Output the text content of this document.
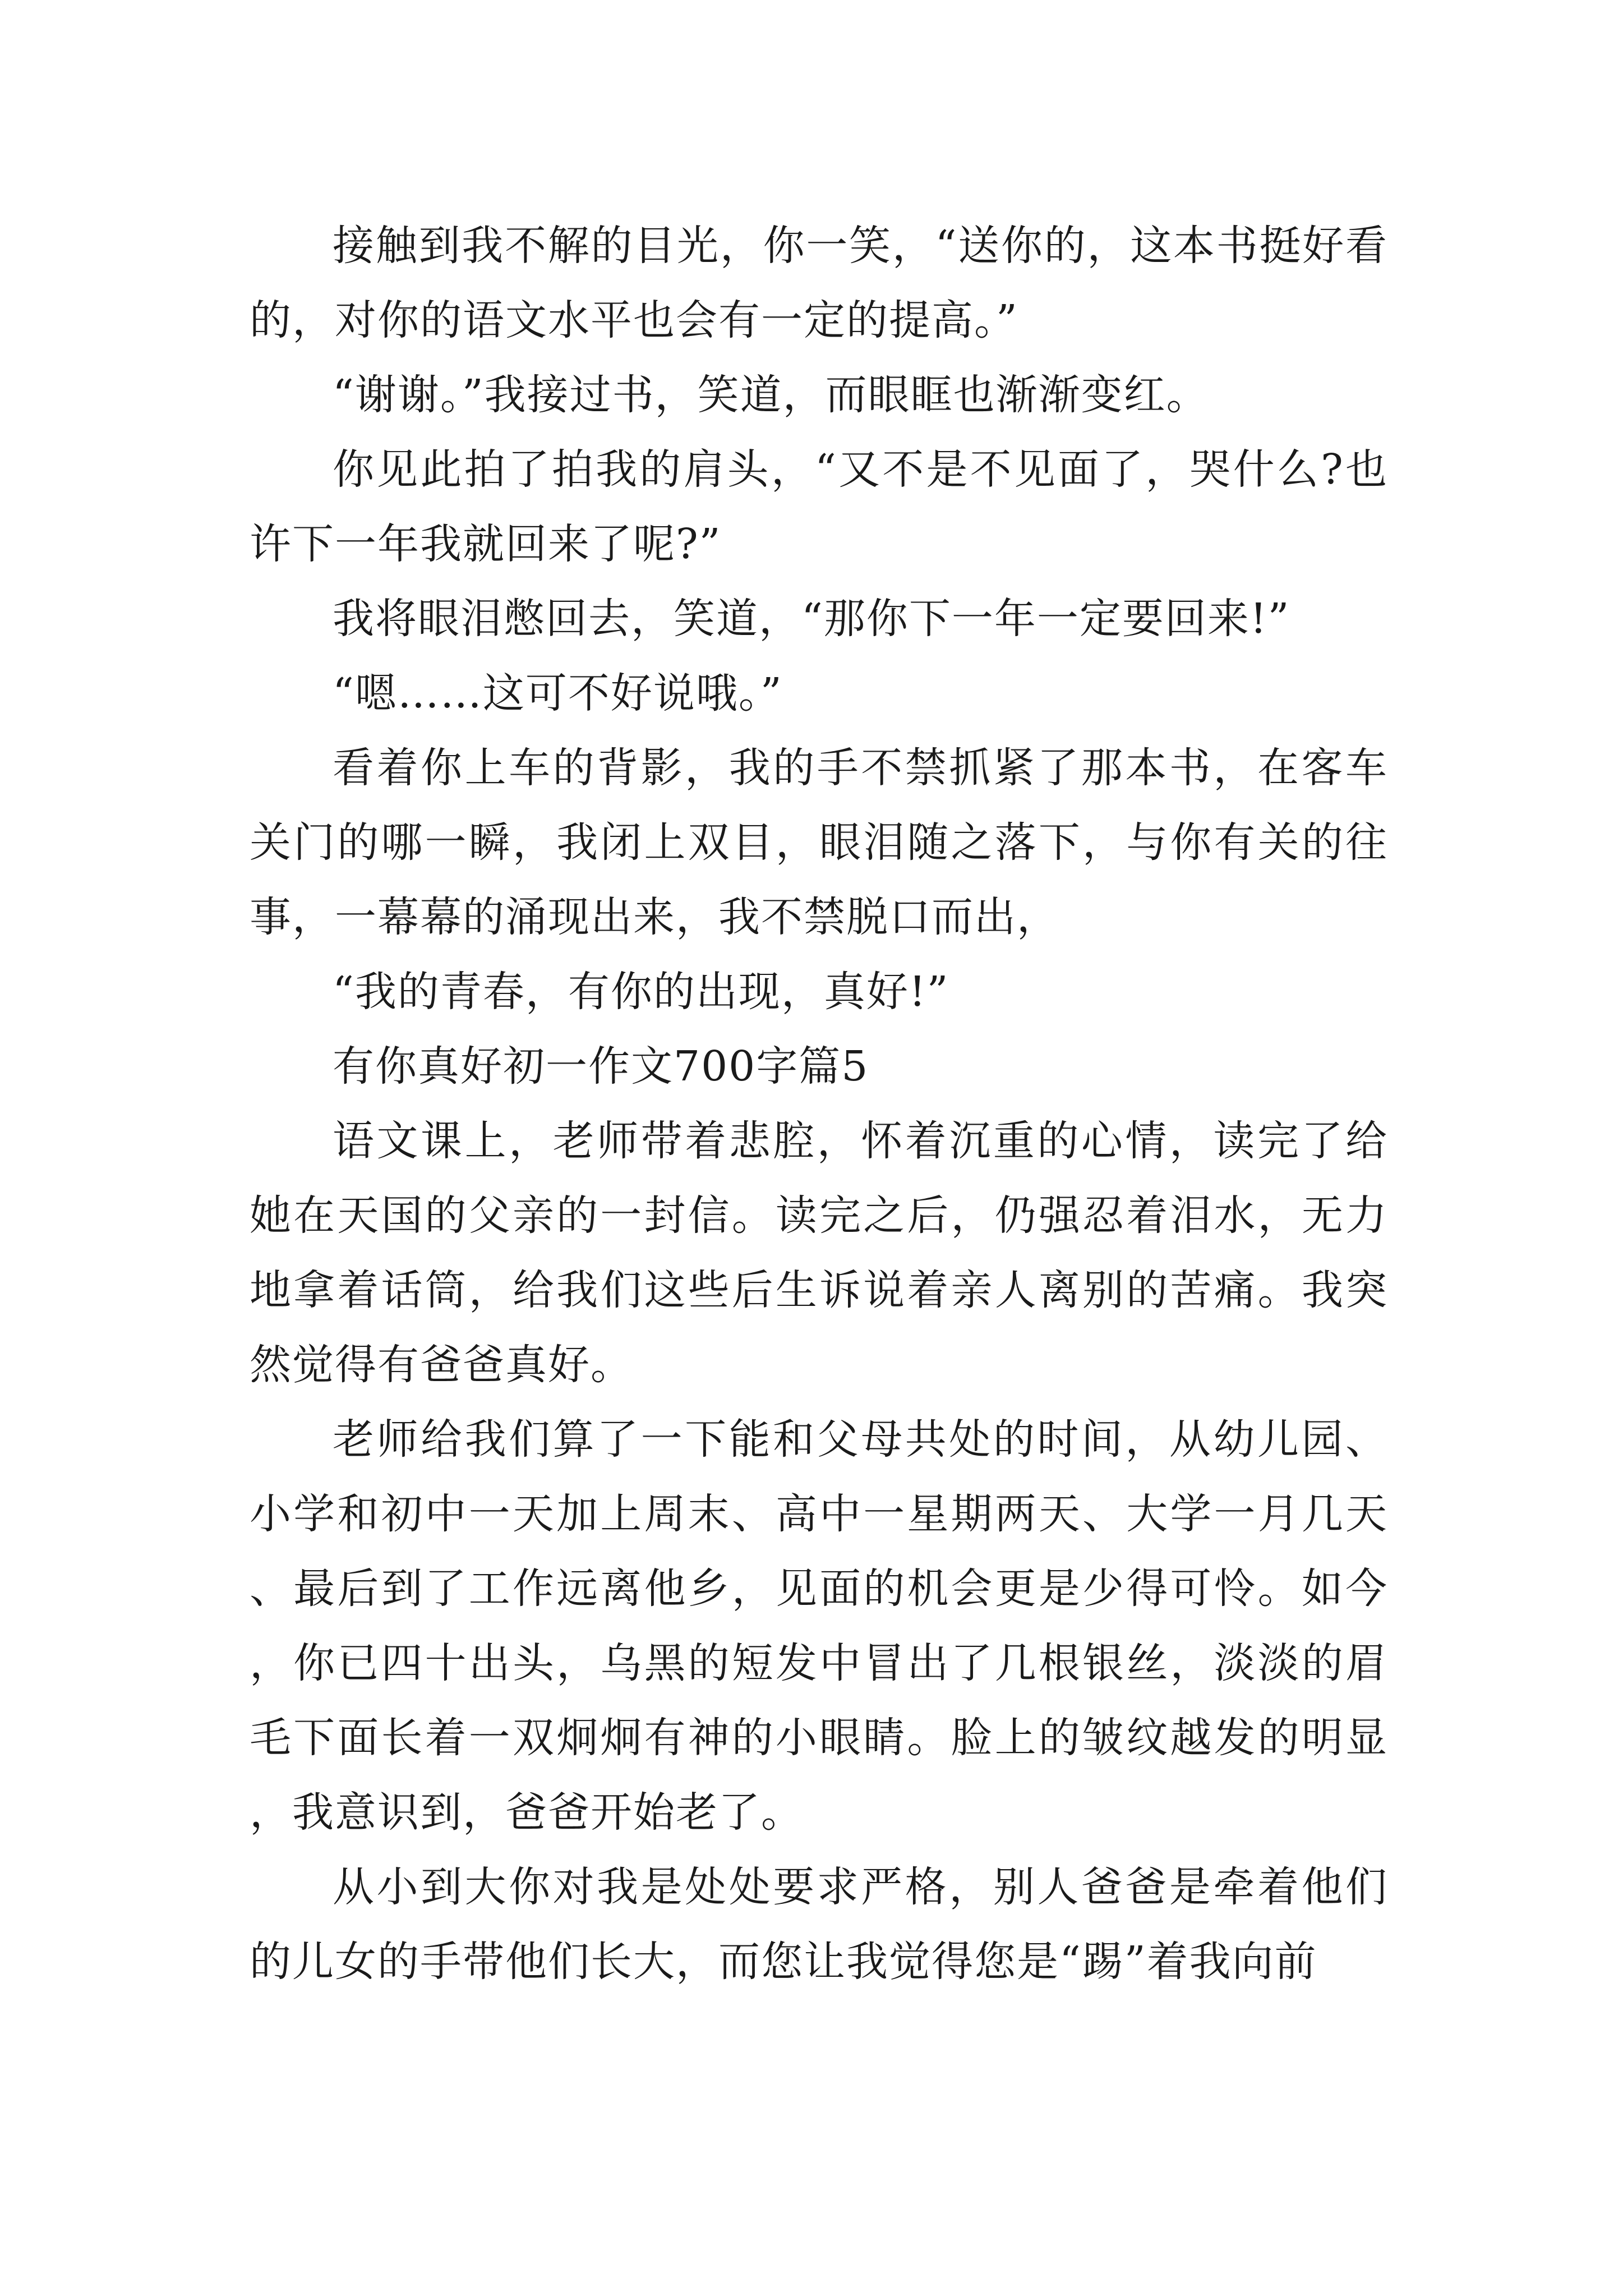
接触到我不解的目光，你一笑，“送你的，这本书挺好看的，对你的语文水平也会有一定的提高。”

“谢谢。”我接过书，笑道，而眼眶也渐渐变红。

你见此拍了拍我的肩头，“又不是不见面了，哭什么?也许下一年我就回来了呢?”

我将眼泪憋回去，笑道，“那你下一年一定要回来!”

“嗯……这可不好说哦。”

看着你上车的背影，我的手不禁抓紧了那本书，在客车关门的哪一瞬，我闭上双目，眼泪随之落下，与你有关的往事，一幕幕的涌现出来，我不禁脱口而出，

“我的青春，有你的出现，真好!”

有你真好初一作文700字篇5

语文课上，老师带着悲腔，怀着沉重的心情，读完了给她在天国的父亲的一封信。读完之后，仍强忍着泪水，无力地拿着话筒，给我们这些后生诉说着亲人离别的苦痛。我突然觉得有爸爸真好。

老师给我们算了一下能和父母共处的时间，从幼儿园、小学和初中一天加上周末、高中一星期两天、大学一月几天、最后到了工作远离他乡，见面的机会更是少得可怜。如今，你已四十出头，乌黑的短发中冒出了几根银丝，淡淡的眉毛下面长着一双炯炯有神的小眼睛。脸上的皱纹越发的明显，我意识到，爸爸开始老了。

从小到大你对我是处处要求严格，别人爸爸是牵着他们的儿女的手带他们长大，而您让我觉得您是“踢”着我向前
